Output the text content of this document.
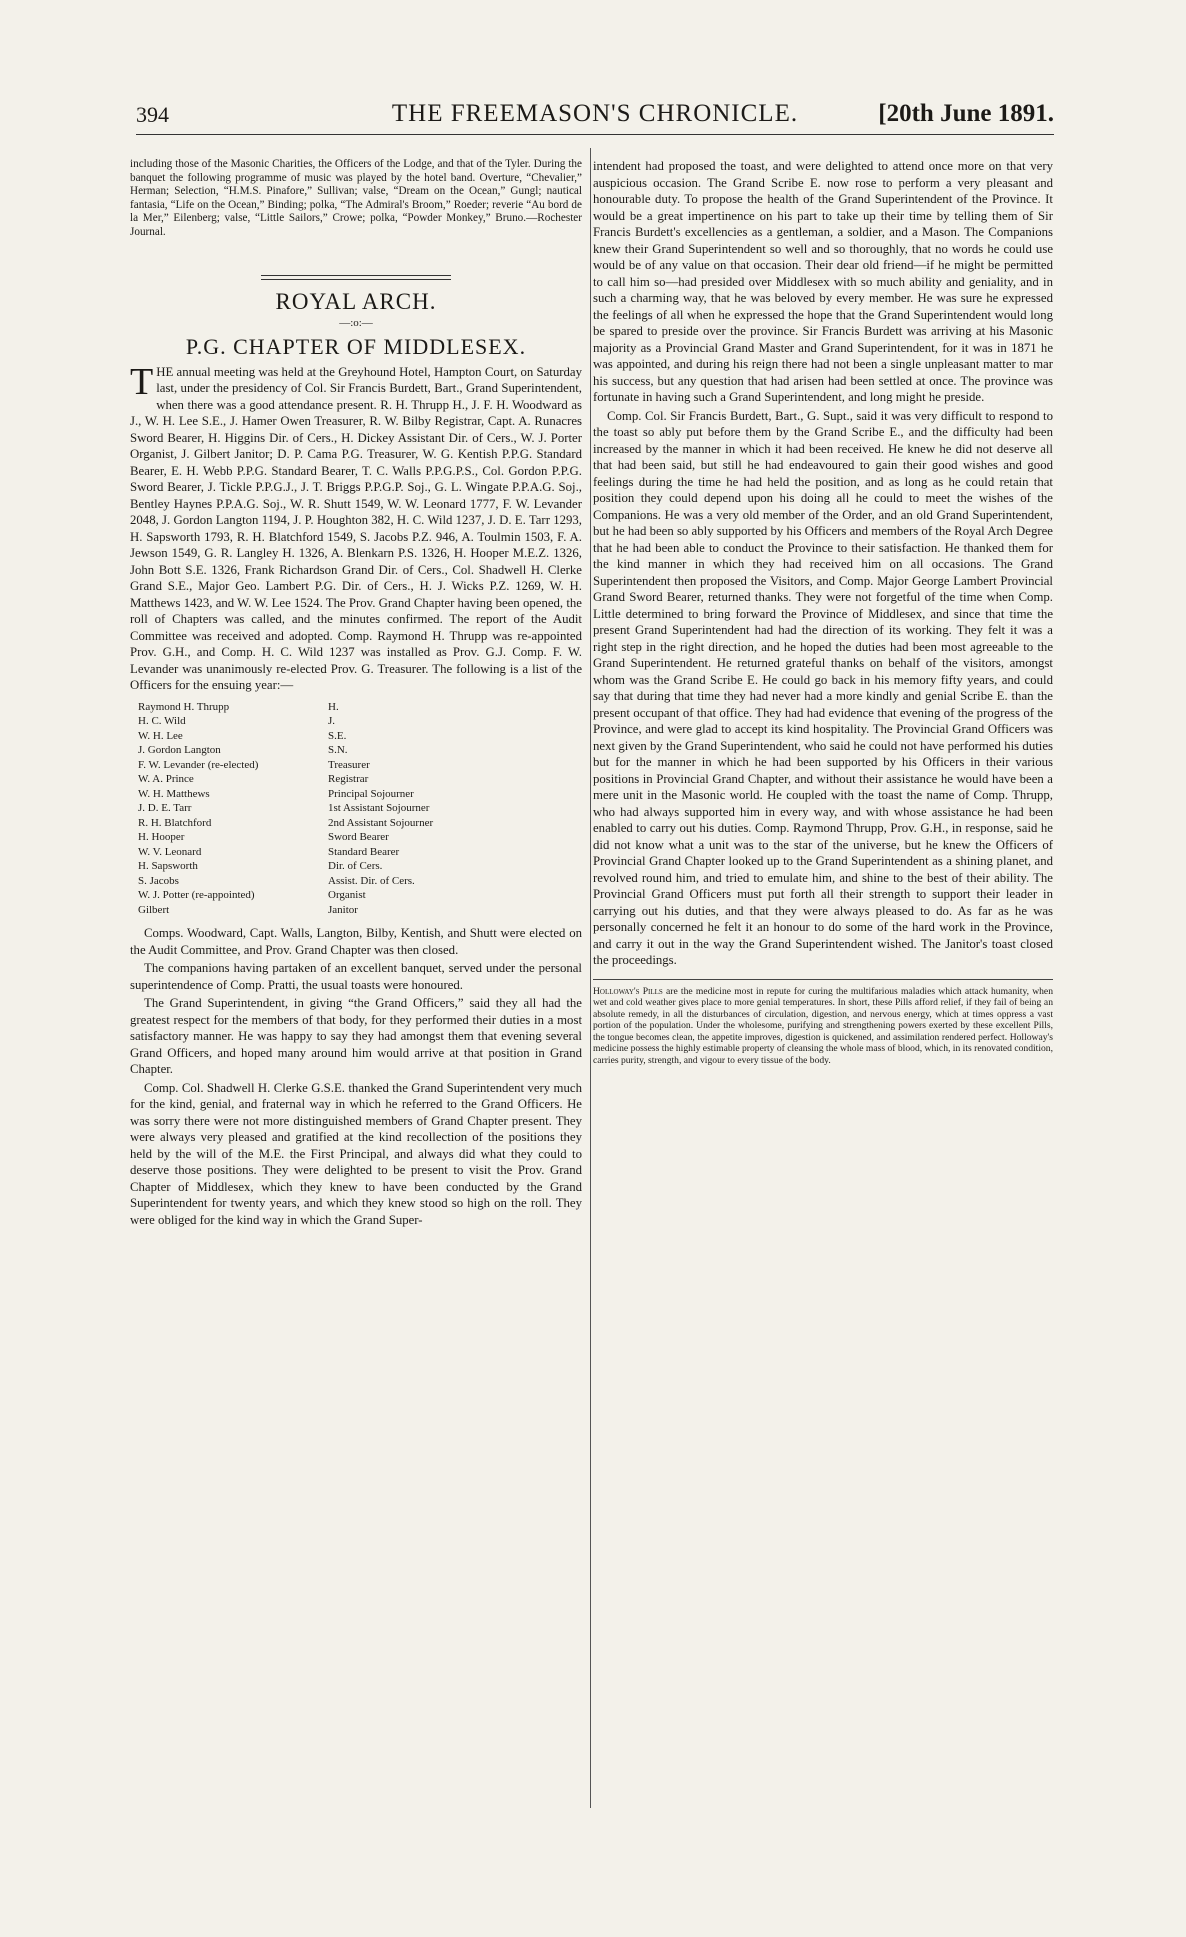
394	THE FREEMASON'S CHRONICLE.	[20th June 1891.

including those of the Masonic Charities, the Officers of the Lodge, and that of the Tyler. During the banquet the following programme of music was played by the hotel band. Overture, “Chevalier,” Herman; Selection, “H.M.S. Pinafore,” Sullivan; valse, “Dream on the Ocean,” Gungl; nautical fantasia, “Life on the Ocean,” Binding; polka, “The Admiral's Broom,” Roeder; reverie “Au bord de la Mer,” Eilenberg; valse, “Little Sailors,” Crowe; polka, “Powder Monkey,” Bruno.—Rochester Journal.

ROYAL ARCH.
—:o:—
P.G. CHAPTER OF MIDDLESEX.

THE annual meeting was held at the Greyhound Hotel, Hampton Court, on Saturday last, under the presidency of Col. Sir Francis Burdett, Bart., Grand Superintendent, when there was a good attendance present. R. H. Thrupp H., J. F. H. Woodward as J., W. H. Lee S.E., J. Hamer Owen Treasurer, R. W. Bilby Registrar, Capt. A. Runacres Sword Bearer, H. Higgins Dir. of Cers., H. Dickey Assistant Dir. of Cers., W. J. Porter Organist, J. Gilbert Janitor; D. P. Cama P.G. Treasurer, W. G. Kentish P.P.G. Standard Bearer, E. H. Webb P.P.G. Standard Bearer, T. C. Walls P.P.G.P.S., Col. Gordon P.P.G. Sword Bearer, J. Tickle P.P.G.J., J. T. Briggs P.P.G.P. Soj., G. L. Wingate P.P.A.G. Soj., Bentley Haynes P.P.A.G. Soj., W. R. Shutt 1549, W. W. Leonard 1777, F. W. Levander 2048, J. Gordon Langton 1194, J. P. Houghton 382, H. C. Wild 1237, J. D. E. Tarr 1293, H. Sapsworth 1793, R. H. Blatchford 1549, S. Jacobs P.Z. 946, A. Toulmin 1503, F. A. Jewson 1549, G. R. Langley H. 1326, A. Blenkarn P.S. 1326, H. Hooper M.E.Z. 1326, John Bott S.E. 1326, Frank Richardson Grand Dir. of Cers., Col. Shadwell H. Clerke Grand S.E., Major Geo. Lambert P.G. Dir. of Cers., H. J. Wicks P.Z. 1269, W. H. Matthews 1423, and W. W. Lee 1524. The Prov. Grand Chapter having been opened, the roll of Chapters was called, and the minutes confirmed. The report of the Audit Committee was received and adopted. Comp. Raymond H. Thrupp was re-appointed Prov. G.H., and Comp. H. C. Wild 1237 was installed as Prov. G.J. Comp. F. W. Levander was unanimously re-elected Prov. G. Treasurer. The following is a list of the Officers for the ensuing year:—

Raymond H. Thrupp	H.
H. C. Wild	J.
W. H. Lee	S.E.
J. Gordon Langton	S.N.
F. W. Levander (re-elected)	Treasurer
W. A. Prince	Registrar
W. H. Matthews	Principal Sojourner
J. D. E. Tarr	1st Assistant Sojourner
R. H. Blatchford	2nd Assistant Sojourner
H. Hooper	Sword Bearer
W. V. Leonard	Standard Bearer
H. Sapsworth	Dir. of Cers.
S. Jacobs	Assist. Dir. of Cers.
W. J. Potter (re-appointed)	Organist
Gilbert	Janitor

Comps. Woodward, Capt. Walls, Langton, Bilby, Kentish, and Shutt were elected on the Audit Committee, and Prov. Grand Chapter was then closed.

The companions having partaken of an excellent banquet, served under the personal superintendence of Comp. Pratti, the usual toasts were honoured.

The Grand Superintendent, in giving “the Grand Officers,” said they all had the greatest respect for the members of that body, for they performed their duties in a most satisfactory manner. He was happy to say they had amongst them that evening several Grand Officers, and hoped many around him would arrive at that position in Grand Chapter.

Comp. Col. Shadwell H. Clerke G.S.E. thanked the Grand Superintendent very much for the kind, genial, and fraternal way in which he referred to the Grand Officers. He was sorry there were not more distinguished members of Grand Chapter present. They were always very pleased and gratified at the kind recollection of the positions they held by the will of the M.E. the First Principal, and always did what they could to deserve those positions. They were delighted to be present to visit the Prov. Grand Chapter of Middlesex, which they knew to have been conducted by the Grand Superintendent for twenty years, and which they knew stood so high on the roll. They were obliged for the kind way in which the Grand Super-

intendent had proposed the toast, and were delighted to attend once more on that very auspicious occasion. The Grand Scribe E. now rose to perform a very pleasant and honourable duty. To propose the health of the Grand Superintendent of the Province. It would be a great impertinence on his part to take up their time by telling them of Sir Francis Burdett's excellencies as a gentleman, a soldier, and a Mason. The Companions knew their Grand Superintendent so well and so thoroughly, that no words he could use would be of any value on that occasion. Their dear old friend—if he might be permitted to call him so—had presided over Middlesex with so much ability and geniality, and in such a charming way, that he was beloved by every member. He was sure he expressed the feelings of all when he expressed the hope that the Grand Superintendent would long be spared to preside over the province. Sir Francis Burdett was arriving at his Masonic majority as a Provincial Grand Master and Grand Superintendent, for it was in 1871 he was appointed, and during his reign there had not been a single unpleasant matter to mar his success, but any question that had arisen had been settled at once. The province was fortunate in having such a Grand Superintendent, and long might he preside.

Comp. Col. Sir Francis Burdett, Bart., G. Supt., said it was very difficult to respond to the toast so ably put before them by the Grand Scribe E., and the difficulty had been increased by the manner in which it had been received. He knew he did not deserve all that had been said, but still he had endeavoured to gain their good wishes and good feelings during the time he had held the position, and as long as he could retain that position they could depend upon his doing all he could to meet the wishes of the Companions. He was a very old member of the Order, and an old Grand Superintendent, but he had been so ably supported by his Officers and members of the Royal Arch Degree that he had been able to conduct the Province to their satisfaction. He thanked them for the kind manner in which they had received him on all occasions. The Grand Superintendent then proposed the Visitors, and Comp. Major George Lambert Provincial Grand Sword Bearer, returned thanks. They were not forgetful of the time when Comp. Little determined to bring forward the Province of Middlesex, and since that time the present Grand Superintendent had had the direction of its working. They felt it was a right step in the right direction, and he hoped the duties had been most agreeable to the Grand Superintendent. He returned grateful thanks on behalf of the visitors, amongst whom was the Grand Scribe E. He could go back in his memory fifty years, and could say that during that time they had never had a more kindly and genial Scribe E. than the present occupant of that office. They had had evidence that evening of the progress of the Province, and were glad to accept its kind hospitality. The Provincial Grand Officers was next given by the Grand Superintendent, who said he could not have performed his duties but for the manner in which he had been supported by his Officers in their various positions in Provincial Grand Chapter, and without their assistance he would have been a mere unit in the Masonic world. He coupled with the toast the name of Comp. Thrupp, who had always supported him in every way, and with whose assistance he had been enabled to carry out his duties. Comp. Raymond Thrupp, Prov. G.H., in response, said he did not know what a unit was to the star of the universe, but he knew the Officers of Provincial Grand Chapter looked up to the Grand Superintendent as a shining planet, and revolved round him, and tried to emulate him, and shine to the best of their ability. The Provincial Grand Officers must put forth all their strength to support their leader in carrying out his duties, and that they were always pleased to do. As far as he was personally concerned he felt it an honour to do some of the hard work in the Province, and carry it out in the way the Grand Superintendent wished. The Janitor's toast closed the proceedings.

Holloway's Pills are the medicine most in repute for curing the multifarious maladies which attack humanity, when wet and cold weather gives place to more genial temperatures. In short, these Pills afford relief, if they fail of being an absolute remedy, in all the disturbances of circulation, digestion, and nervous energy, which at times oppress a vast portion of the population. Under the wholesome, purifying and strengthening powers exerted by these excellent Pills, the tongue becomes clean, the appetite improves, digestion is quickened, and assimilation rendered perfect. Holloway's medicine possess the highly estimable property of cleansing the whole mass of blood, which, in its renovated condition, carries purity, strength, and vigour to every tissue of the body.
